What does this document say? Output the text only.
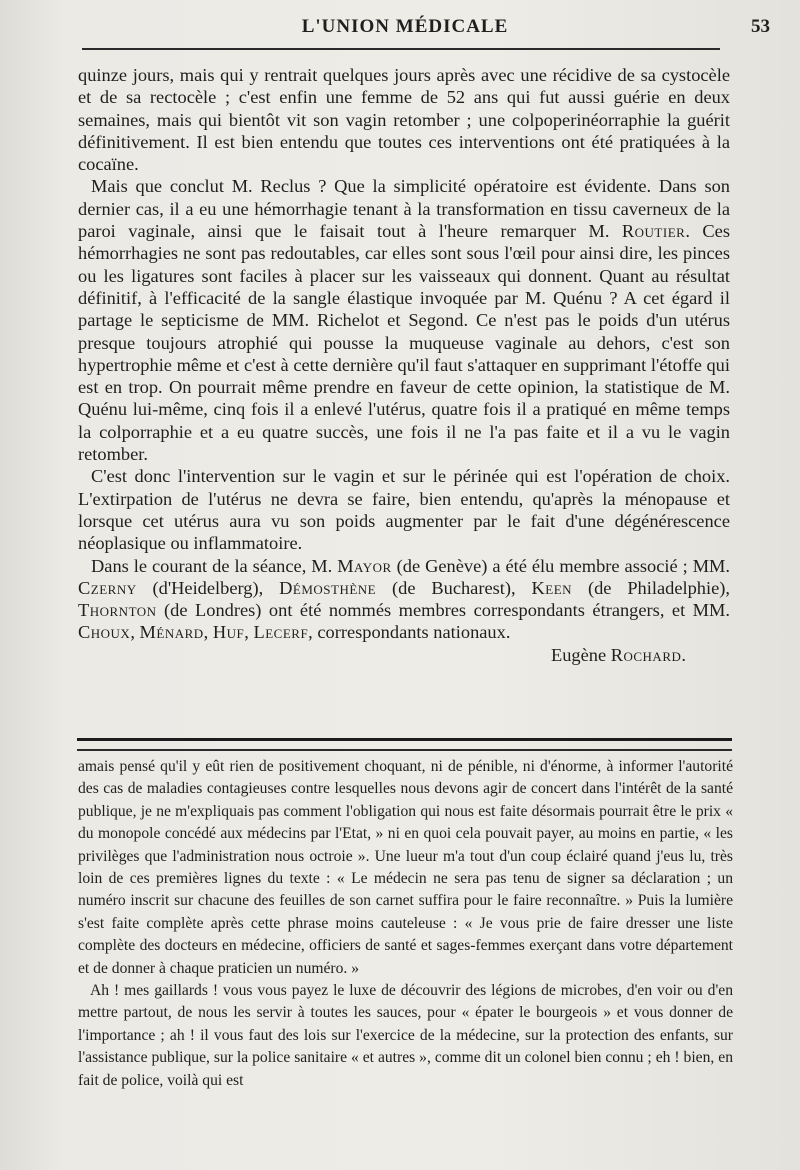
L'UNION MÉDICALE	53

quinze jours, mais qui y rentrait quelques jours après avec une récidive de sa cystocèle et de sa rectocèle ; c'est enfin une femme de 52 ans qui fut aussi guérie en deux semaines, mais qui bientôt vit son vagin retomber ; une colpoperinéorraphie la guérit définitivement. Il est bien entendu que toutes ces interventions ont été pratiquées à la cocaïne.

Mais que conclut M. Reclus ? Que la simplicité opératoire est évidente. Dans son dernier cas, il a eu une hémorrhagie tenant à la transformation en tissu caverneux de la paroi vaginale, ainsi que le faisait tout à l'heure remarquer M. Routier. Ces hémorrhagies ne sont pas redoutables, car elles sont sous l'œil pour ainsi dire, les pinces ou les ligatures sont faciles à placer sur les vaisseaux qui donnent. Quant au résultat définitif, à l'efficacité de la sangle élastique invoquée par M. Quénu ? A cet égard il partage le septicisme de MM. Richelot et Segond. Ce n'est pas le poids d'un utérus presque toujours atrophié qui pousse la muqueuse vaginale au dehors, c'est son hypertrophie même et c'est à cette dernière qu'il faut s'attaquer en supprimant l'étoffe qui est en trop. On pourrait même prendre en faveur de cette opinion, la statistique de M. Quénu lui-même, cinq fois il a enlevé l'utérus, quatre fois il a pratiqué en même temps la colporraphie et a eu quatre succès, une fois il ne l'a pas faite et il a vu le vagin retomber.

C'est donc l'intervention sur le vagin et sur le périnée qui est l'opération de choix. L'extirpation de l'utérus ne devra se faire, bien entendu, qu'après la ménopause et lorsque cet utérus aura vu son poids augmenter par le fait d'une dégénérescence néoplasique ou inflammatoire.

Dans le courant de la séance, M. Mayor (de Genève) a été élu membre associé ; MM. Czerny (d'Heidelberg), Démosthène (de Bucharest), Keen (de Philadelphie), Thornton (de Londres) ont été nommés membres correspondants étrangers, et MM. Choux, Ménard, Huf, Lecerf, correspondants nationaux.

Eugène Rochard.

amais pensé qu'il y eût rien de positivement choquant, ni de pénible, ni d'énorme, à informer l'autorité des cas de maladies contagieuses contre lesquelles nous devons agir de concert dans l'intérêt de la santé publique, je ne m'expliquais pas comment l'obligation qui nous est faite désormais pourrait être le prix « du monopole concédé aux médecins par l'Etat, » ni en quoi cela pouvait payer, au moins en partie, « les privilèges que l'administration nous octroie ». Une lueur m'a tout d'un coup éclairé quand j'eus lu, très loin de ces premières lignes du texte : « Le médecin ne sera pas tenu de signer sa déclaration ; un numéro inscrit sur chacune des feuilles de son carnet suffira pour le faire reconnaître. » Puis la lumière s'est faite complète après cette phrase moins cauteleuse : « Je vous prie de faire dresser une liste complète des docteurs en médecine, officiers de santé et sages-femmes exerçant dans votre département et de donner à chaque praticien un numéro. »

Ah ! mes gaillards ! vous vous payez le luxe de découvrir des légions de microbes, d'en voir ou d'en mettre partout, de nous les servir à toutes les sauces, pour « épater le bourgeois » et vous donner de l'importance ; ah ! il vous faut des lois sur l'exercice de la médecine, sur la protection des enfants, sur l'assistance publique, sur la police sanitaire « et autres », comme dit un colonel bien connu ; eh ! bien, en fait de police, voilà qui est
